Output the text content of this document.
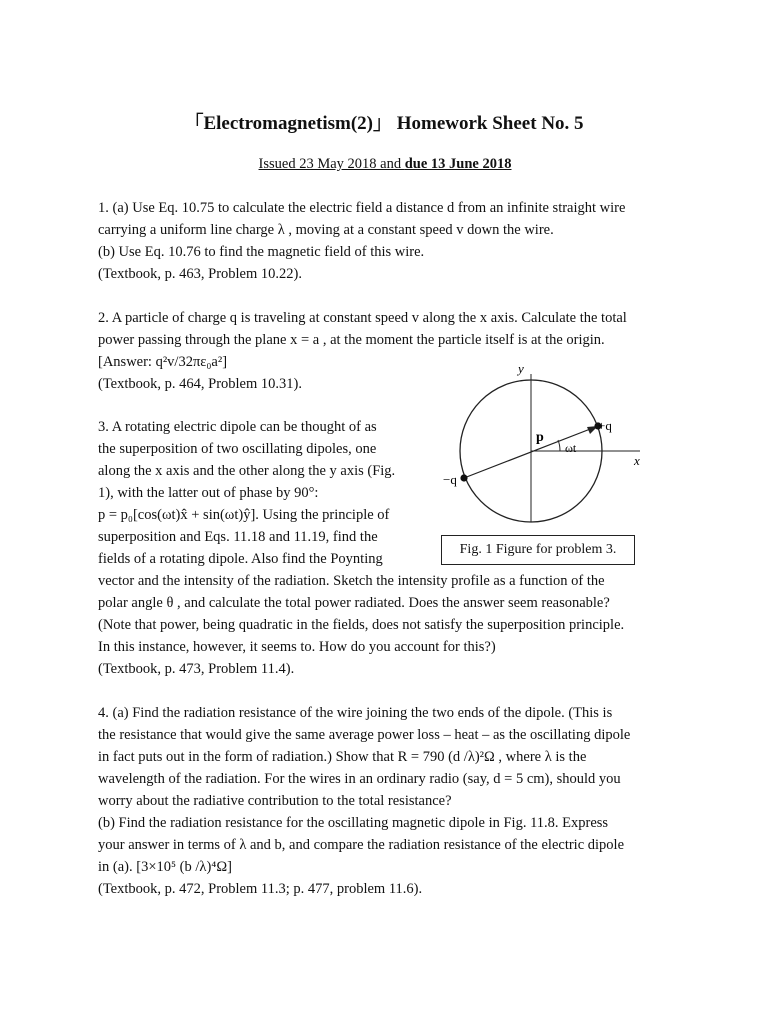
「Electromagnetism(2)」 Homework Sheet No. 5
Issued 23 May 2018 and due 13 June 2018
1. (a) Use Eq. 10.75 to calculate the electric field a distance d from an infinite straight wire
carrying a uniform line charge λ , moving at a constant speed v down the wire.
(b) Use Eq. 10.76 to find the magnetic field of this wire.
(Textbook, p. 463, Problem 10.22).
2. A particle of charge q is traveling at constant speed v along the x axis. Calculate the total
power passing through the plane x = a , at the moment the particle itself is at the origin.
[Answer: q²v/32πε₀a²]
(Textbook, p. 464, Problem 10.31).
3. A rotating electric dipole can be thought of as
the superposition of two oscillating dipoles, one
along the x axis and the other along the y axis (Fig.
1), with the latter out of phase by 90°:
p = p₀[cos(ωt)x̂ + sin(ωt)ŷ]. Using the principle of
superposition and Eqs. 11.18 and 11.19, find the
fields of a rotating dipole. Also find the Poynting
vector and the intensity of the radiation. Sketch the intensity profile as a function of the
polar angle θ , and calculate the total power radiated. Does the answer seem reasonable?
(Note that power, being quadratic in the fields, does not satisfy the superposition principle.
In this instance, however, it seems to. How do you account for this?)
(Textbook, p. 473, Problem 11.4).
y
x
+q
−q
p
ωt
Fig. 1 Figure for problem 3.
4. (a) Find the radiation resistance of the wire joining the two ends of the dipole. (This is
the resistance that would give the same average power loss – heat – as the oscillating dipole
in fact puts out in the form of radiation.) Show that R = 790 (d /λ)²Ω , where λ is the
wavelength of the radiation. For the wires in an ordinary radio (say, d = 5 cm), should you
worry about the radiative contribution to the total resistance?
(b) Find the radiation resistance for the oscillating magnetic dipole in Fig. 11.8. Express
your answer in terms of λ and b, and compare the radiation resistance of the electric dipole
in (a). [3×10⁵ (b /λ)⁴Ω]
(Textbook, p. 472, Problem 11.3; p. 477, problem 11.6).
